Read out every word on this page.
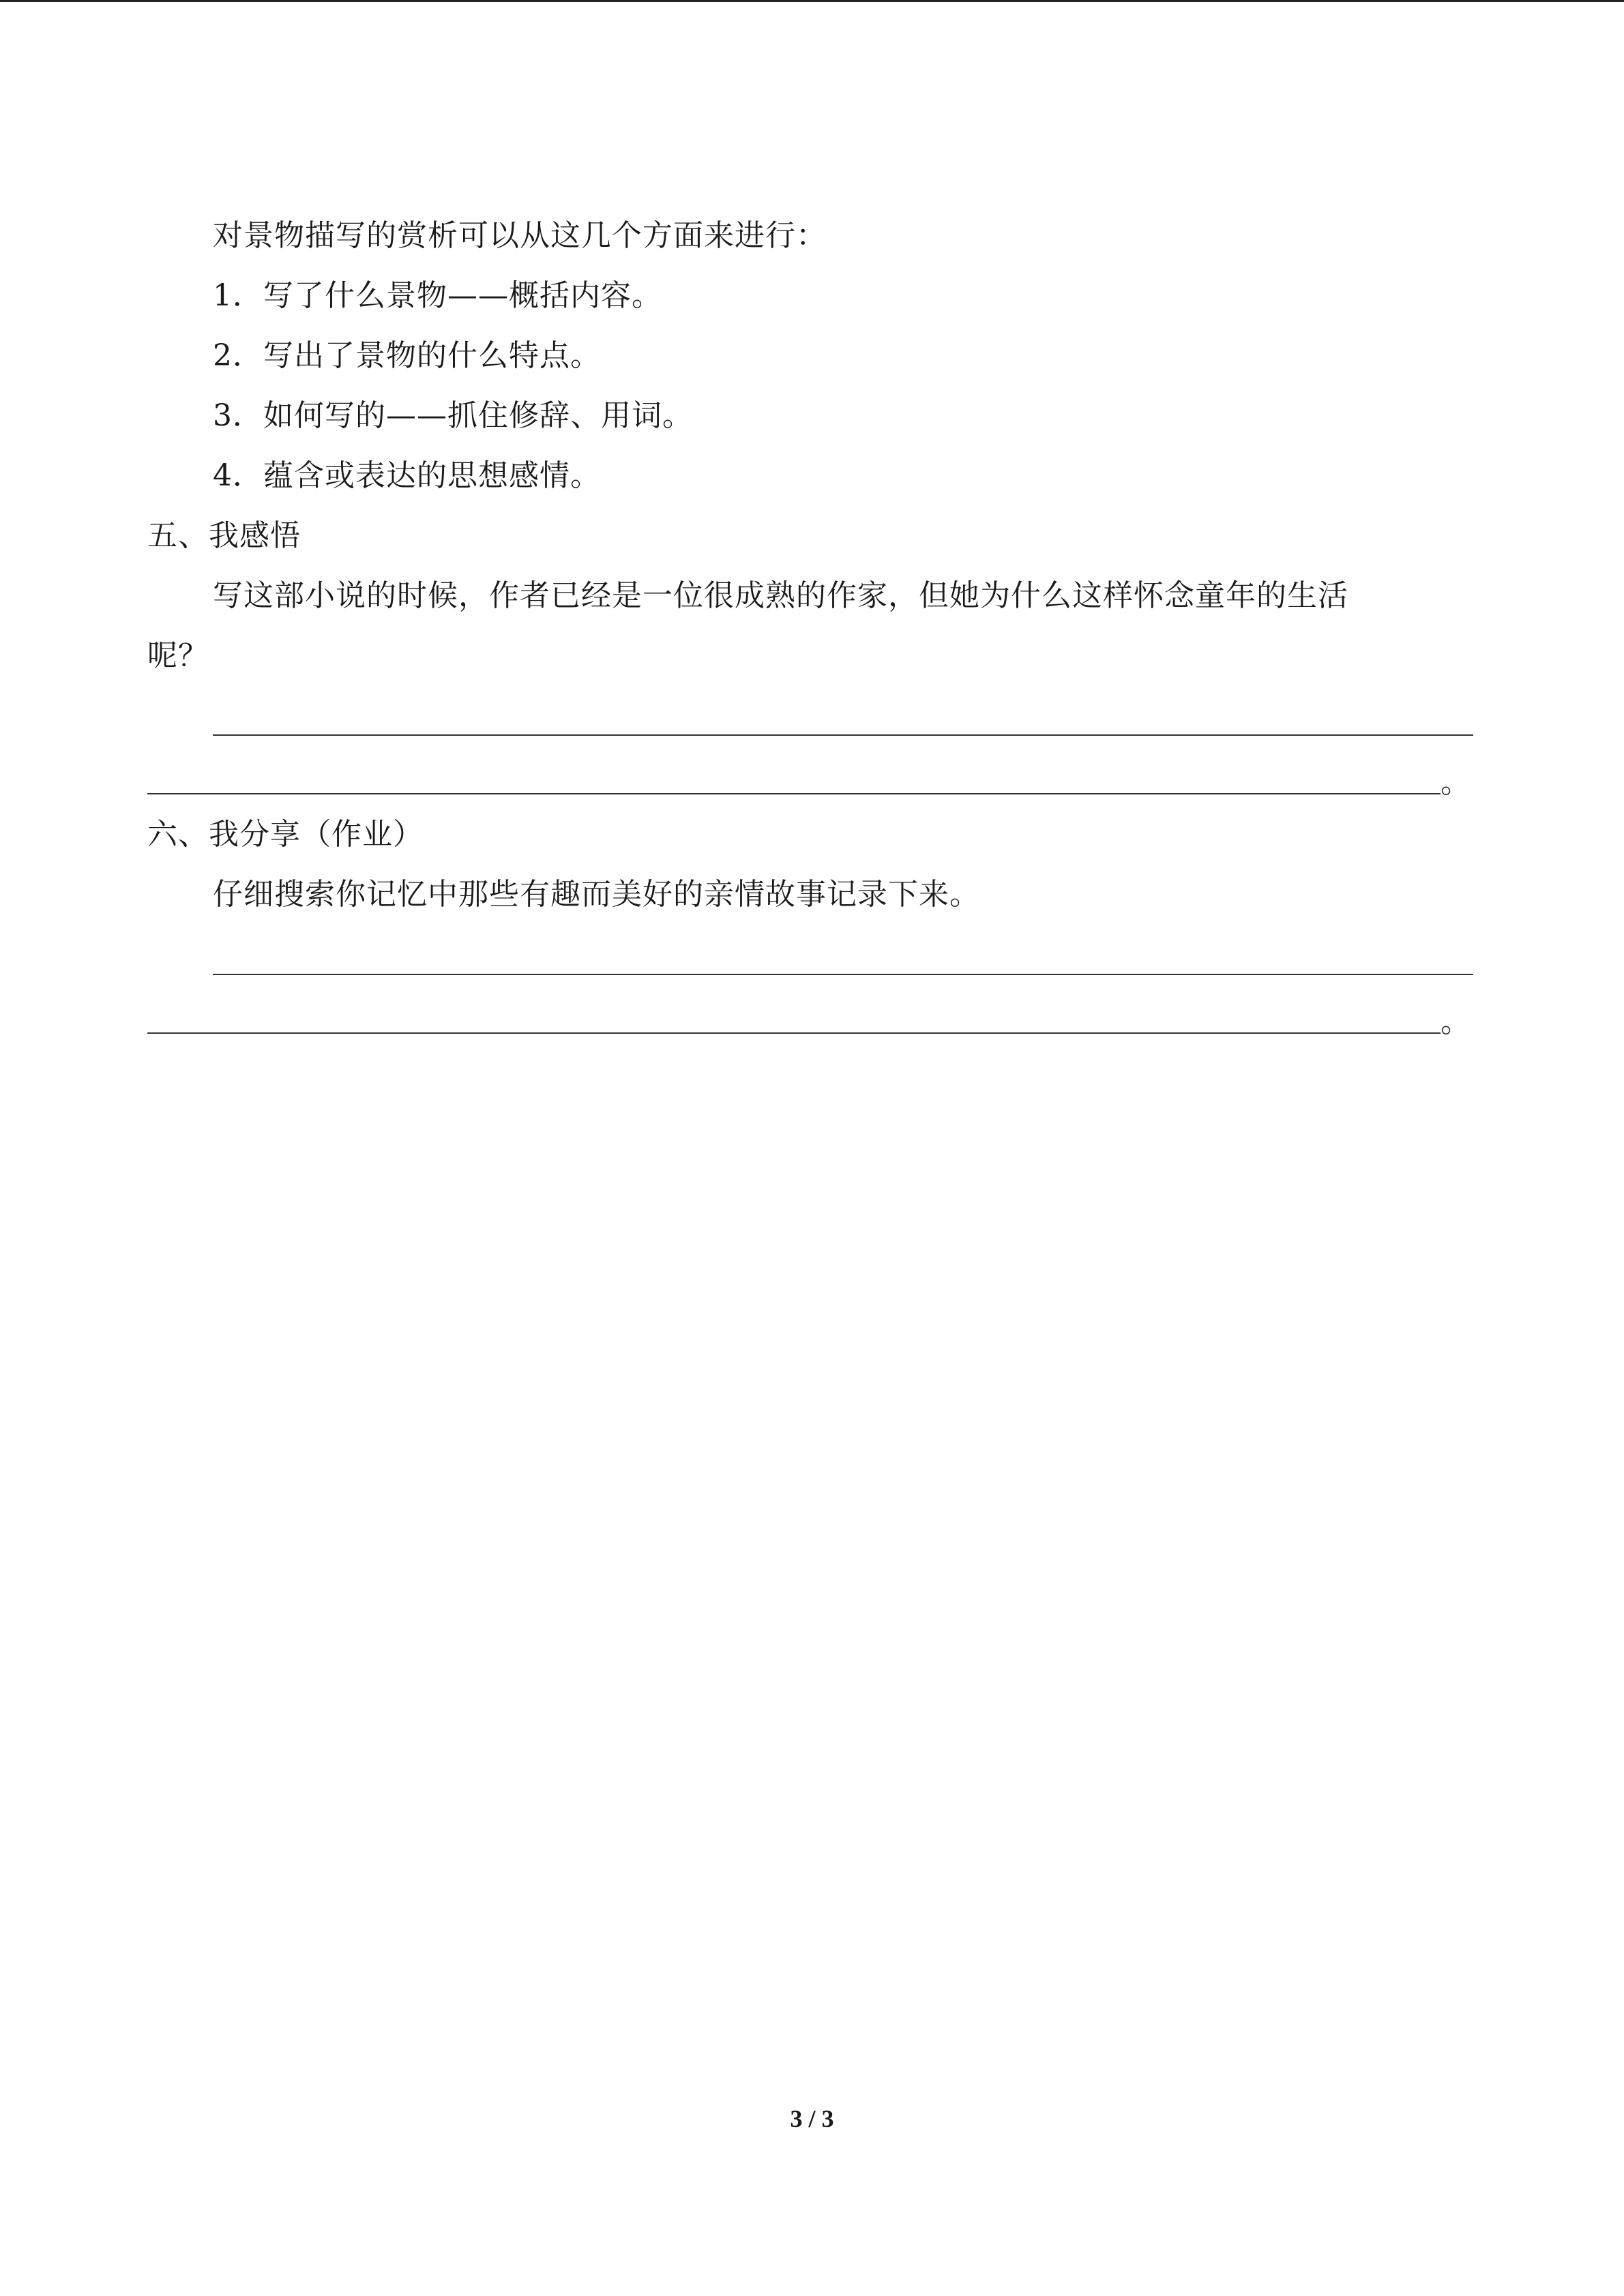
对景物描写的赏析可以从这几个方面来进行：
1．写了什么景物——概括内容。
2．写出了景物的什么特点。
3．如何写的——抓住修辞、用词。
4．蕴含或表达的思想感情。
五、我感悟
写这部小说的时候，作者已经是一位很成熟的作家，但她为什么这样怀念童年的生活
呢？
。
六、我分享（作业）
仔细搜索你记忆中那些有趣而美好的亲情故事记录下来。
。
3 / 3
